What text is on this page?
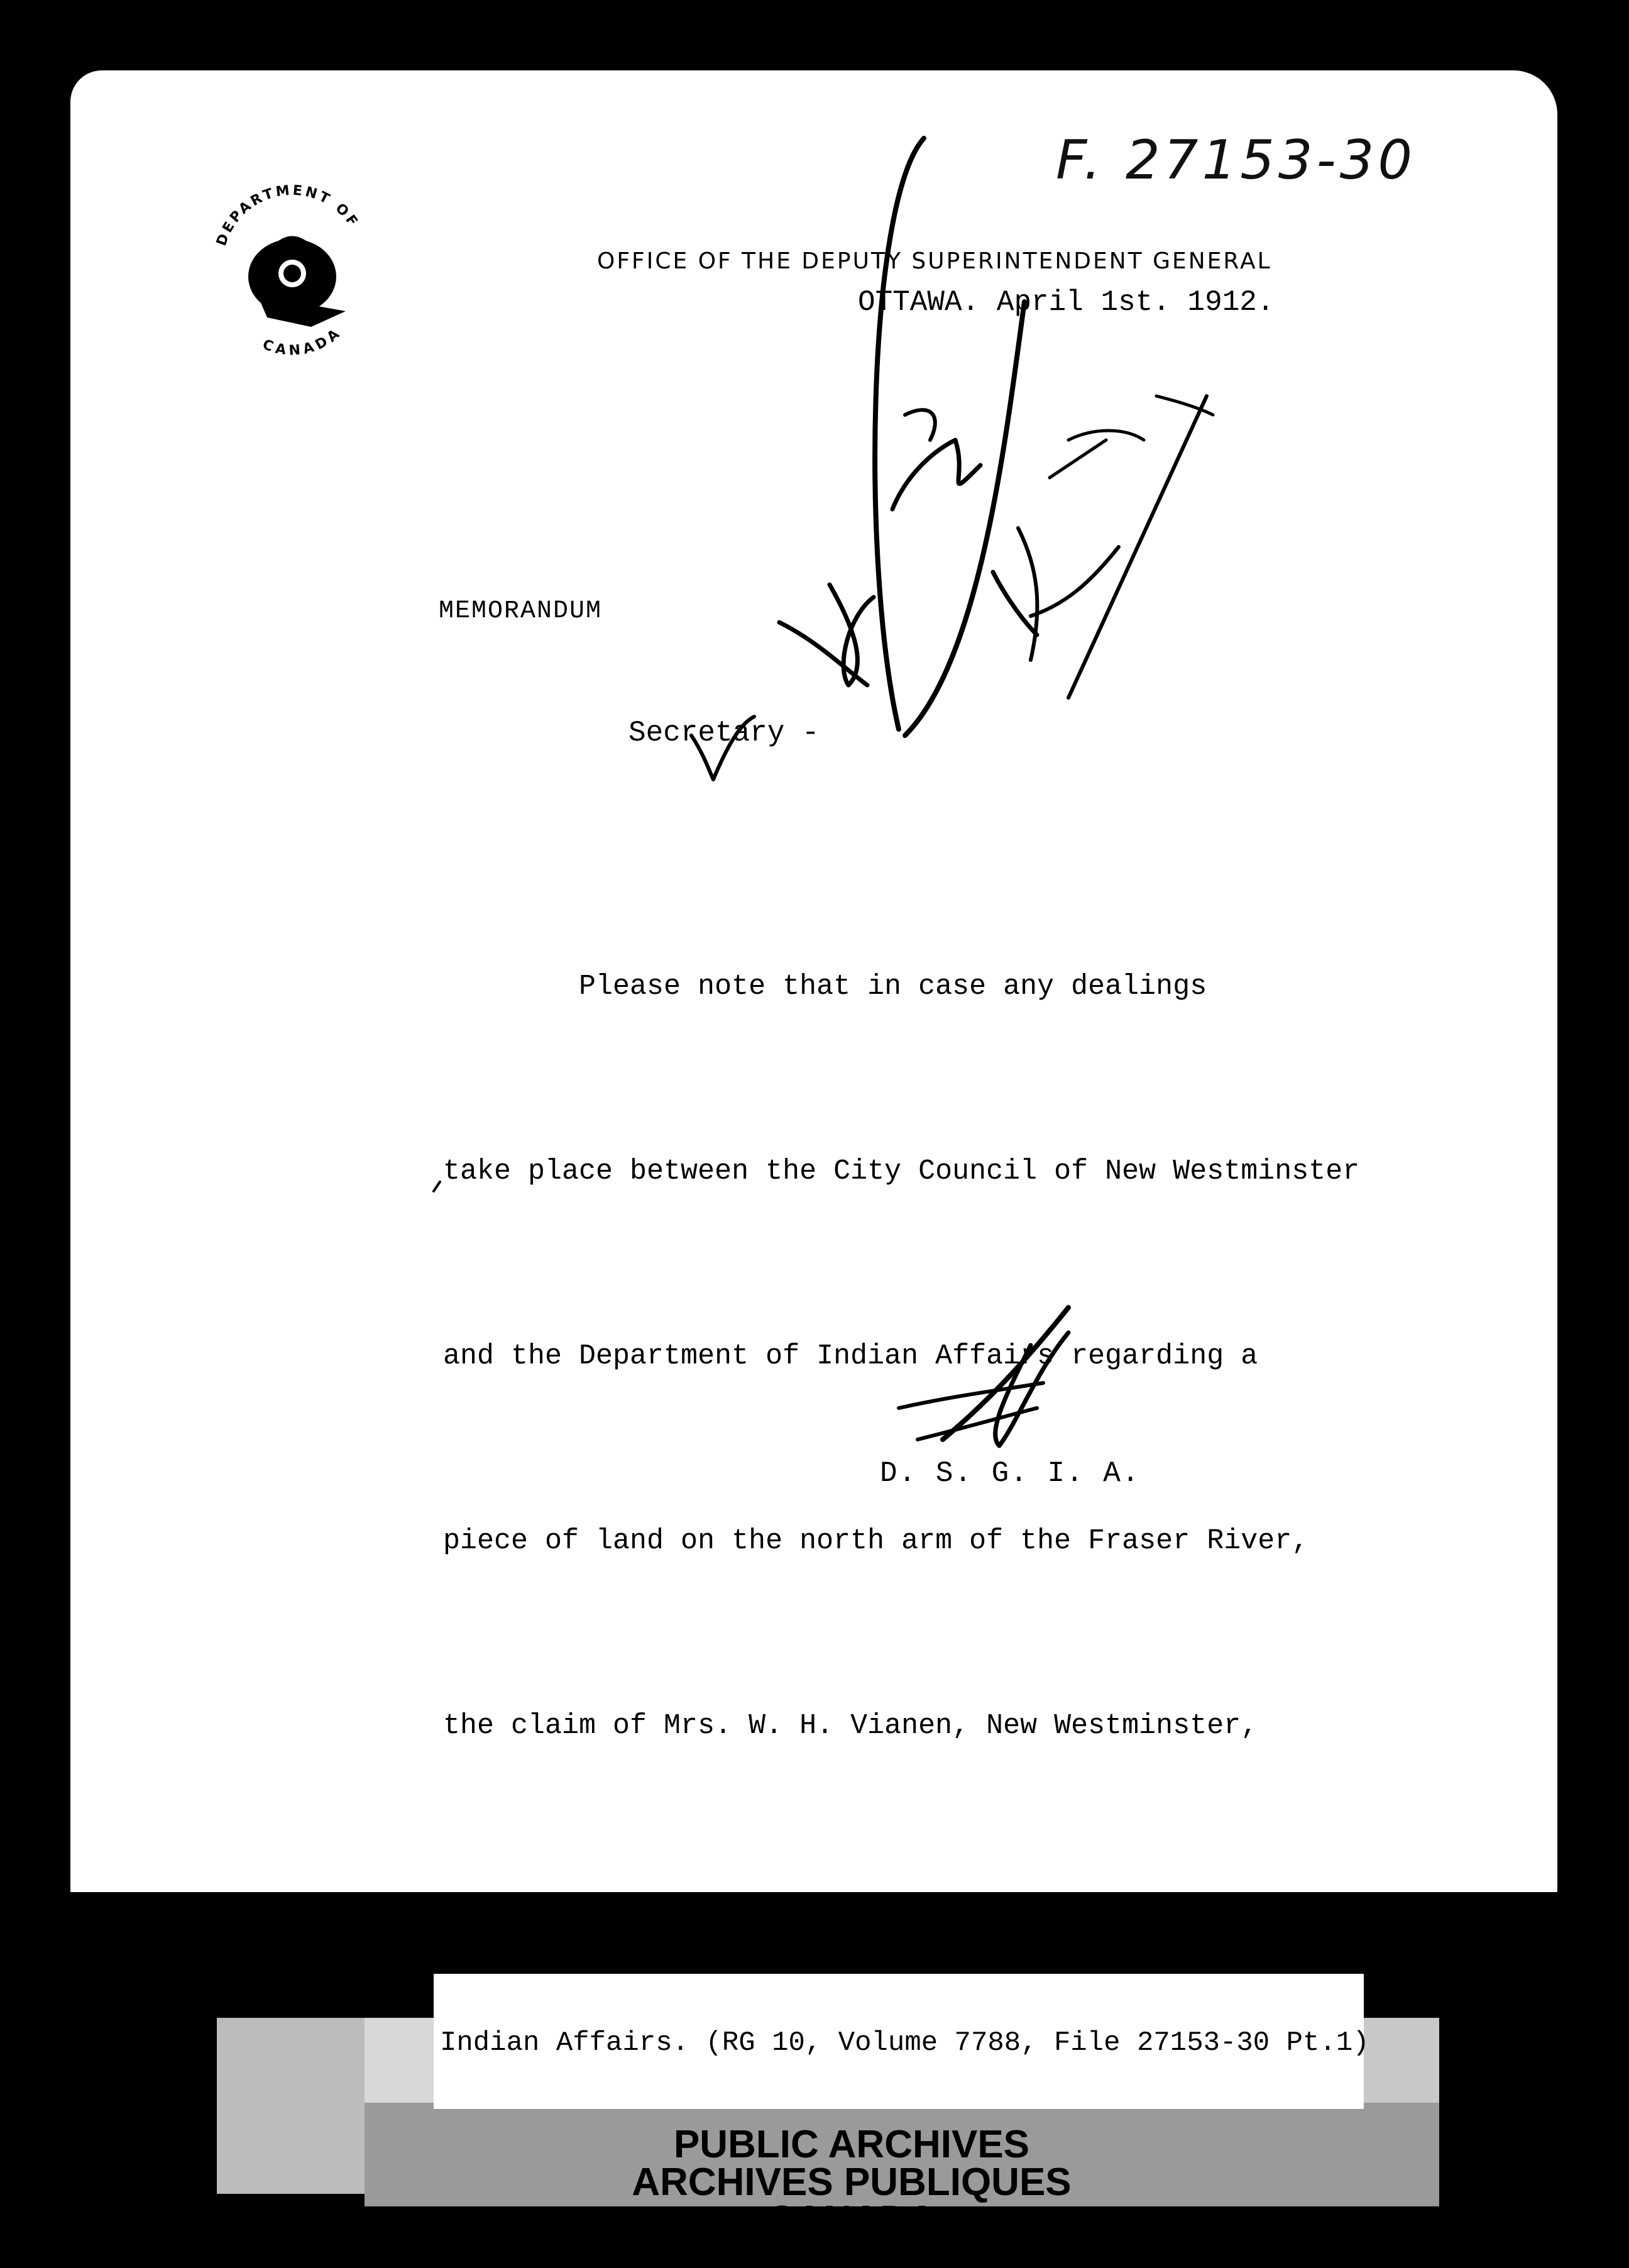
DEPARTMENT OF
CANADA
F. 27153-30
OFFICE OF THE DEPUTY SUPERINTENDENT GENERAL
OTTAWA. April 1st. 1912.
MEMORANDUM
Secretary -

Please note that in case any dealings

take place between the City Council of New Westminster

and the Department of Indian Affairs regarding a

piece of land on the north arm of the Fraser River,

the claim of Mrs. W. H. Vianen, New Westminster,

B. C., to same is to be considered.

D. S. G. I. A.
Indian Affairs. (RG 10, Volume 7788, File 27153-30 Pt.1)
PUBLIC ARCHIVES
ARCHIVES PUBLIQUES
CANADA
